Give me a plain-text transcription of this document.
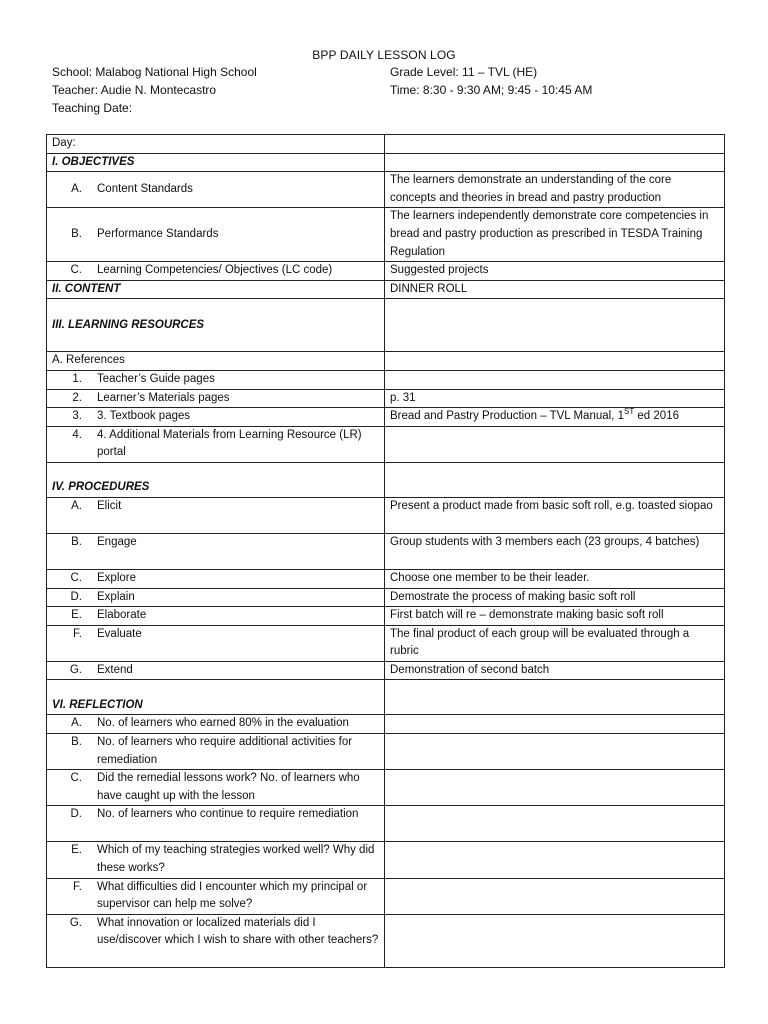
BPP DAILY LESSON LOG
School: Malabog National High School
Teacher: Audie N. Montecastro
Teaching Date:
Grade Level: 11 – TVL (HE)
Time: 8:30 - 9:30 AM; 9:45 - 10:45 AM
Day:	
I. OBJECTIVES	

A. Content Standards	The learners demonstrate an understanding of the core concepts and theories in bread and pastry production

B. Performance Standards	The learners independently demonstrate core competencies in bread and pastry production as prescribed in TESDA Training Regulation

C. Learning Competencies/ Objectives (LC code)	Suggested projects
II. CONTENT	DINNER ROLL
III. LEARNING RESOURCES	
A. References	

1. Teacher’s Guide pages	

2. Learner’s Materials pages	p. 31

3. 3. Textbook pages	Bread and Pastry Production – TVL Manual, 1ST ed 2016

4. 4. Additional Materials from Learning Resource (LR) portal	

IV. PROCEDURES	

A. Elicit	Present a product made from basic soft roll, e.g. toasted siopao

B. Engage	Group students with 3 members each (23 groups, 4 batches)

C. Explore	Choose one member to be their leader.

D. Explain	Demostrate the process of making basic soft roll

E. Elaborate	First batch will re – demonstrate making basic soft roll

F. Evaluate	The final product of each group will be evaluated through a rubric

G. Extend	Demonstration of second batch
VI. REFLECTION	

A. No. of learners who earned 80% in the evaluation	

B. No. of learners who require additional activities for remediation	

C. Did the remedial lessons work? No. of learners who have caught up with the lesson	

D. No. of learners who continue to require remediation	

E. Which of my teaching strategies worked well? Why did these works?	

F. What difficulties did I encounter which my principal or supervisor can help me solve?	

G. What innovation or localized materials did I use/discover which I wish to share with other teachers?	
